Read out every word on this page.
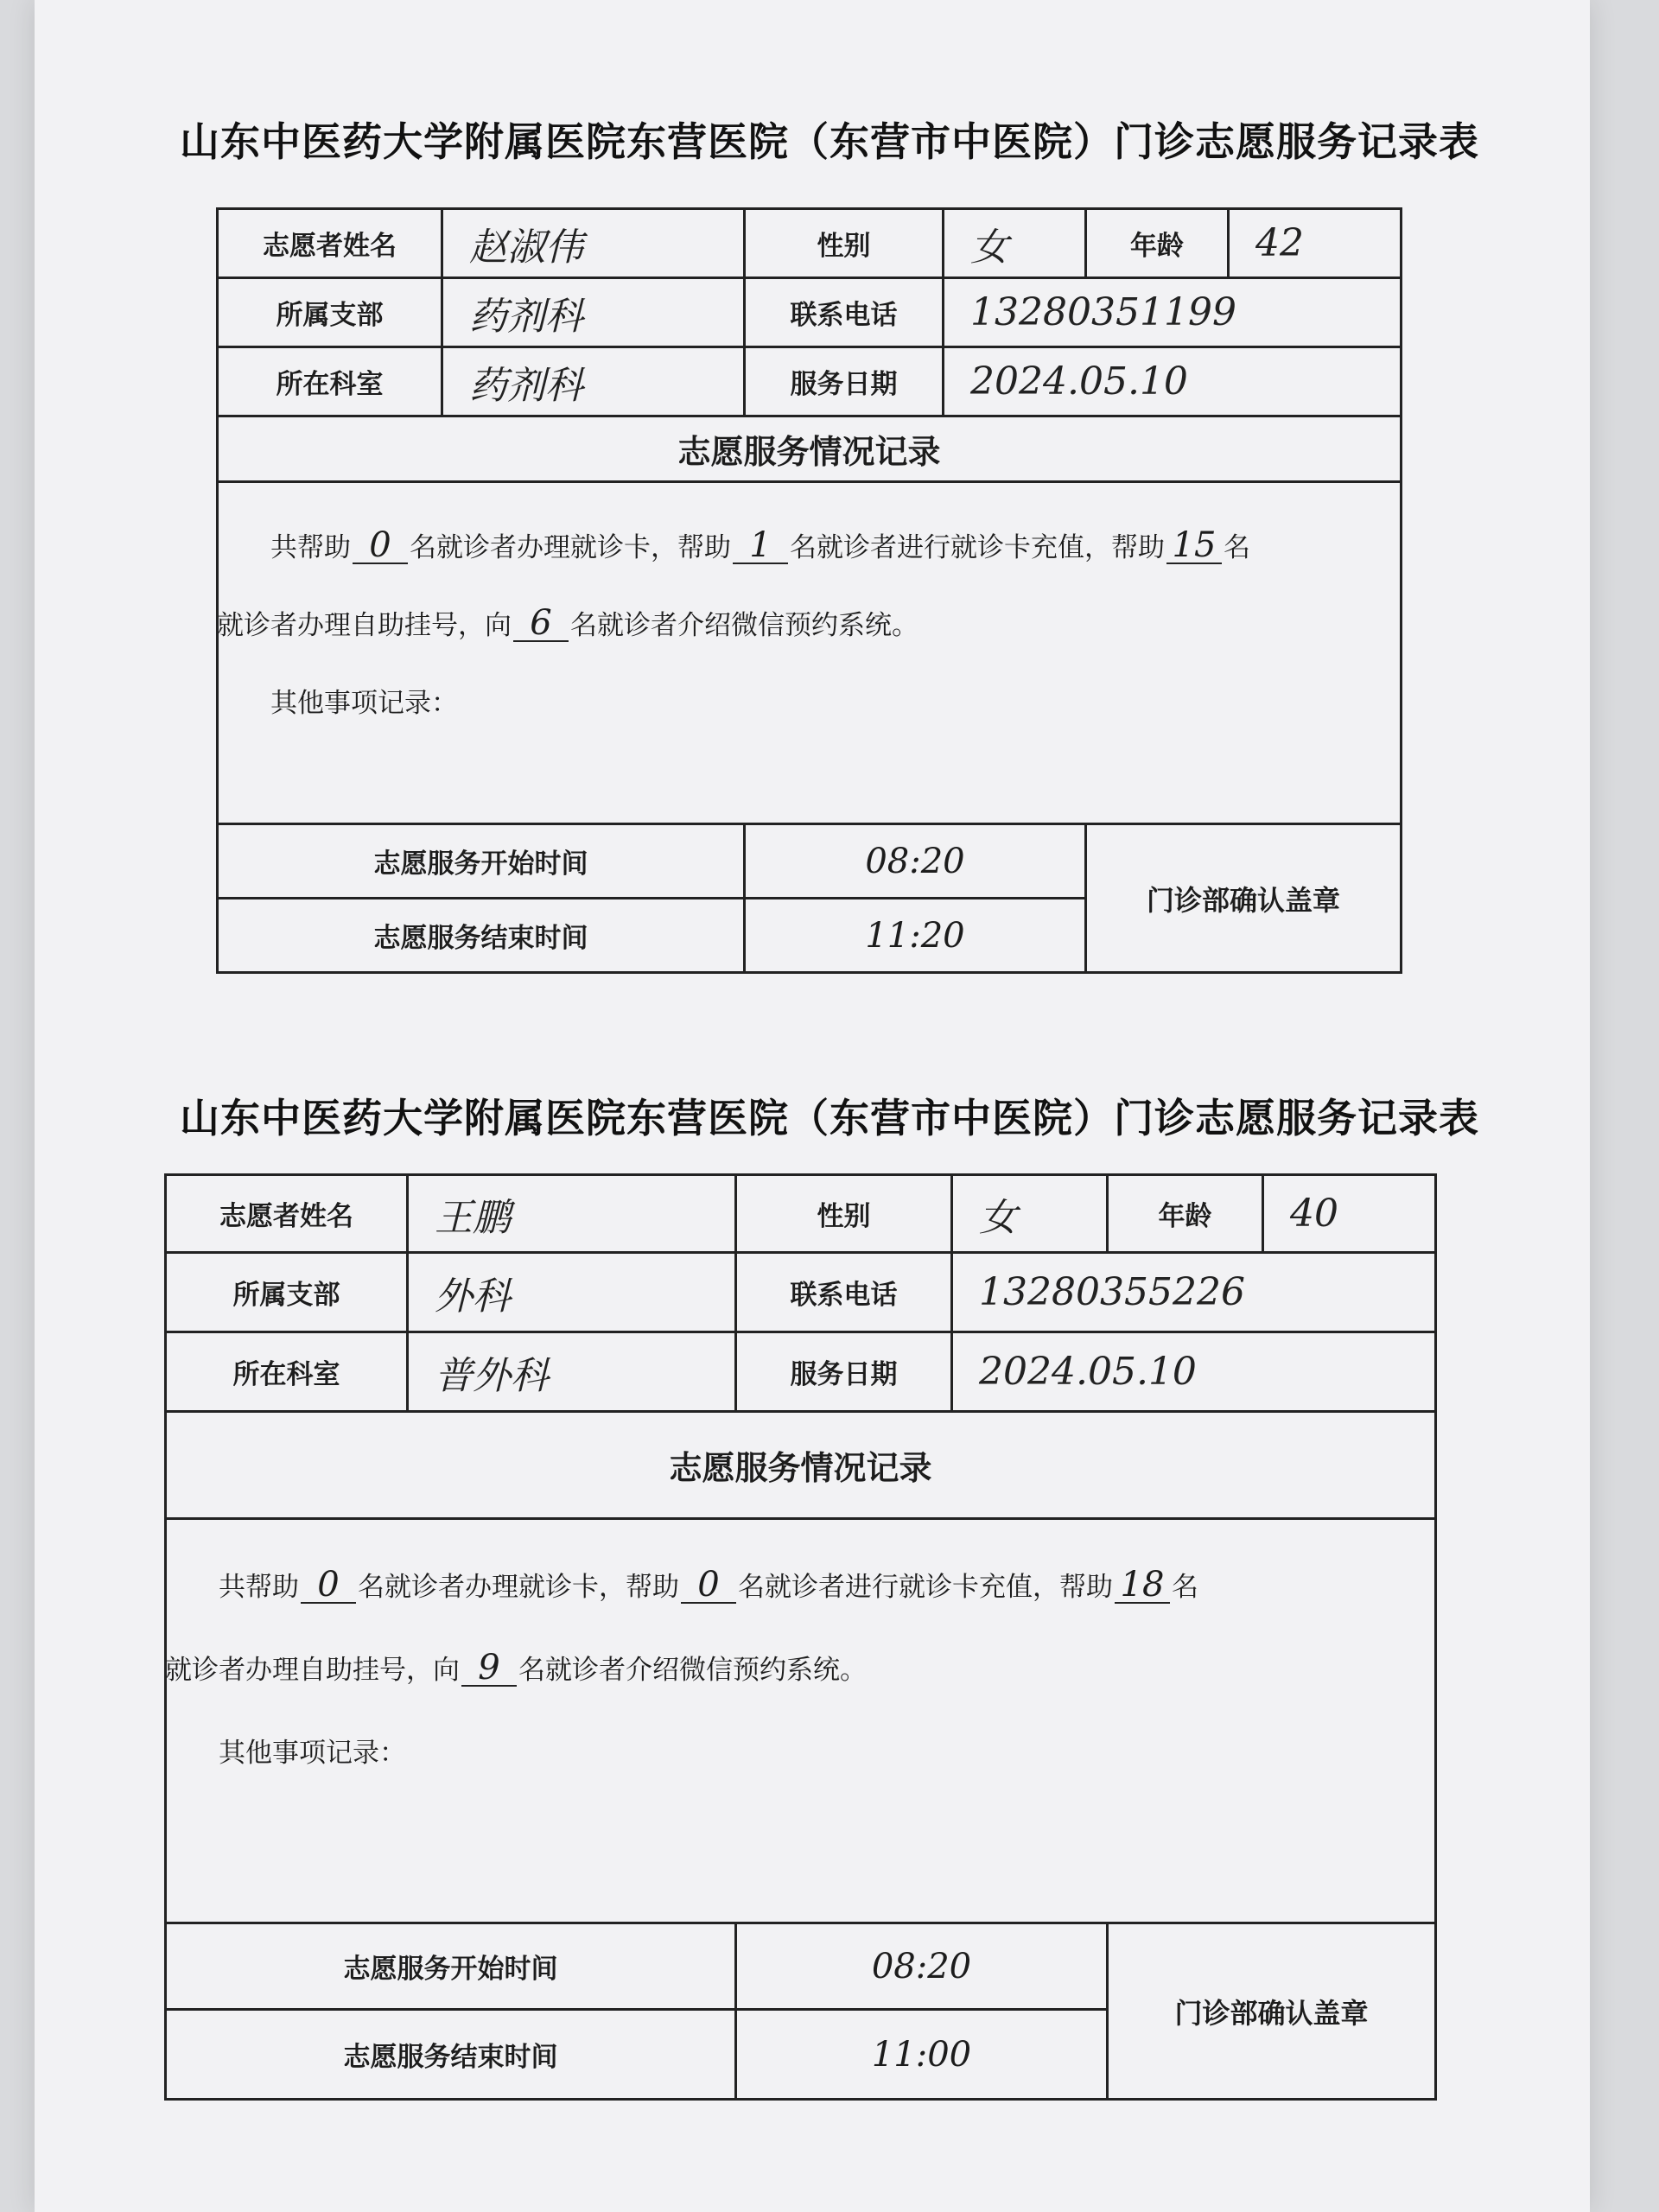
山东中医药大学附属医院东营医院（东营市中医院）门诊志愿服务记录表
志愿者姓名	赵淑伟	性别	女	年龄	42
所属支部	药剂科	联系电话	13280351199		
所在科室	药剂科	服务日期	2024.05.10		
志愿服务情况记录					

共帮助 0 名就诊者办理就诊卡，帮助 1 名就诊者进行就诊卡充值，帮助 15 名
就诊者办理自助挂号，向 6 名就诊者介绍微信预约系统。
其他事项记录：					

志愿服务开始时间		08:20		门诊部确认盖章	
志愿服务结束时间		11:20			
山东中医药大学附属医院东营医院（东营市中医院）门诊志愿服务记录表
志愿者姓名	王鹏	性别	女	年龄	40
所属支部	外科	联系电话	13280355226		
所在科室	普外科	服务日期	2024.05.10		
志愿服务情况记录					

共帮助 0 名就诊者办理就诊卡，帮助 0 名就诊者进行就诊卡充值，帮助 18 名
就诊者办理自助挂号，向 9 名就诊者介绍微信预约系统。
其他事项记录：					

志愿服务开始时间		08:20		门诊部确认盖章	
志愿服务结束时间		11:00			
